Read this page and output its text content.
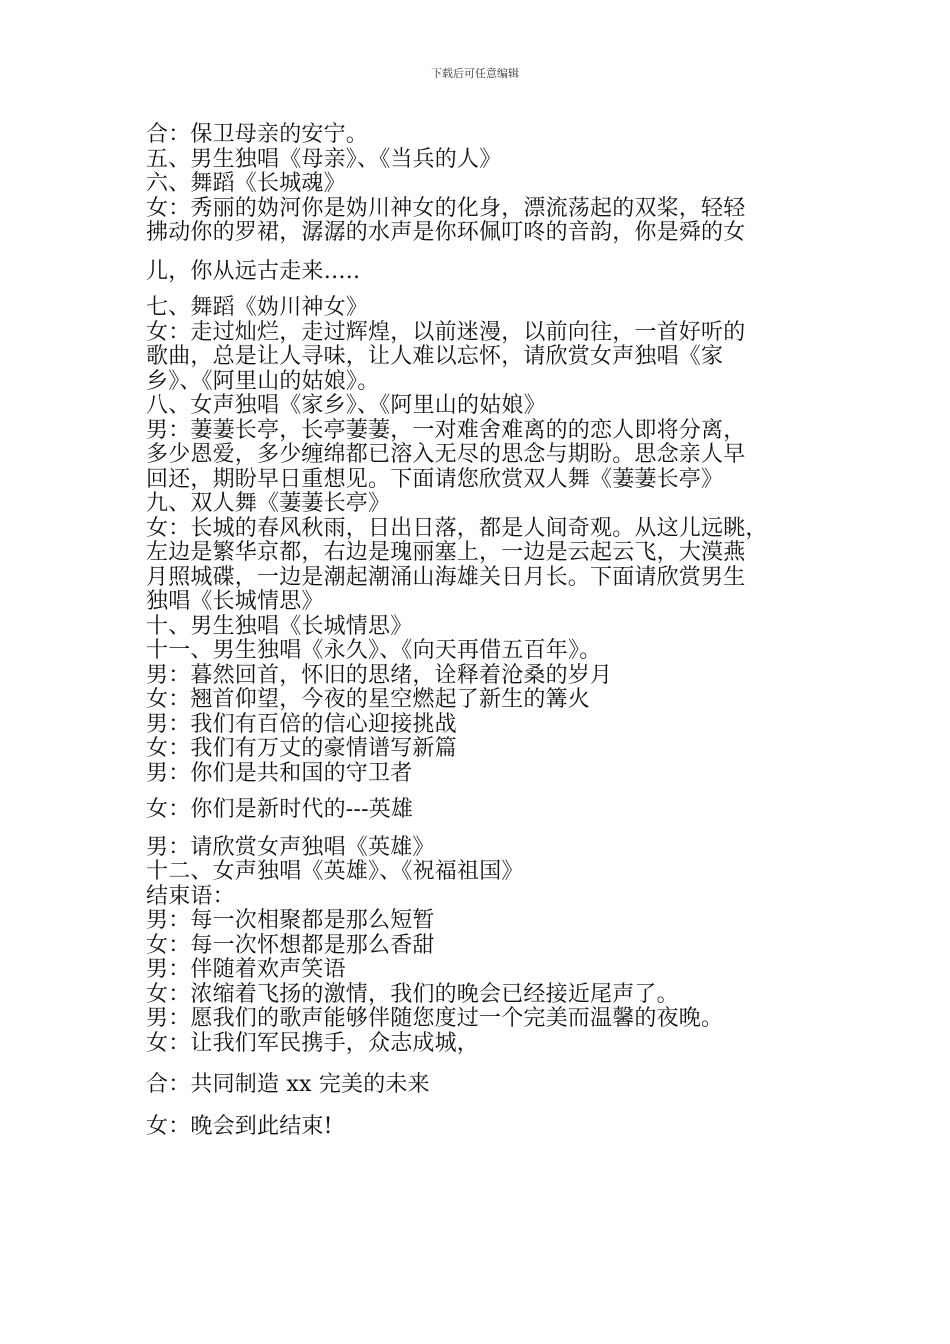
下载后可任意编辑
合：保卫母亲的安宁。
五、男生独唱《母亲》、《当兵的人》
六、舞蹈《长城魂》
女：秀丽的妫河你是妫川神女的化身，漂流荡起的双桨，轻轻
拂动你的罗裙，潺潺的水声是你环佩叮咚的音韵，你是舜的女
儿，你从远古走来…..
七、舞蹈《妫川神女》
女：走过灿烂，走过辉煌，以前迷漫，以前向往，一首好听的
歌曲，总是让人寻味，让人难以忘怀，请欣赏女声独唱《家
乡》、《阿里山的姑娘》。
八、女声独唱《家乡》、《阿里山的姑娘》
男：萋萋长亭，长亭萋萋，一对难舍难离的的恋人即将分离，
多少恩爱，多少缠绵都已溶入无尽的思念与期盼。思念亲人早
回还，期盼早日重想见。下面请您欣赏双人舞《萋萋长亭》
九、双人舞《萋萋长亭》
女：长城的春风秋雨，日出日落，都是人间奇观。从这儿远眺，
左边是繁华京都，右边是瑰丽塞上，一边是云起云飞，大漠燕
月照城碟，一边是潮起潮涌山海雄关日月长。下面请欣赏男生
独唱《长城情思》
十、男生独唱《长城情思》
十一、男生独唱《永久》、《向天再借五百年》。
男：暮然回首，怀旧的思绪，诠释着沧桑的岁月
女：翘首仰望，今夜的星空燃起了新生的篝火
男：我们有百倍的信心迎接挑战
女：我们有万丈的豪情谱写新篇
男：你们是共和国的守卫者
女：你们是新时代的---英雄
男：请欣赏女声独唱《英雄》
十二、女声独唱《英雄》、《祝福祖国》
结束语：
男：每一次相聚都是那么短暂
女：每一次怀想都是那么香甜
男：伴随着欢声笑语
女：浓缩着飞扬的激情，我们的晚会已经接近尾声了。
男：愿我们的歌声能够伴随您度过一个完美而温馨的夜晚。
女：让我们军民携手，众志成城，
合：共同制造 xx 完美的未来
女：晚会到此结束!
